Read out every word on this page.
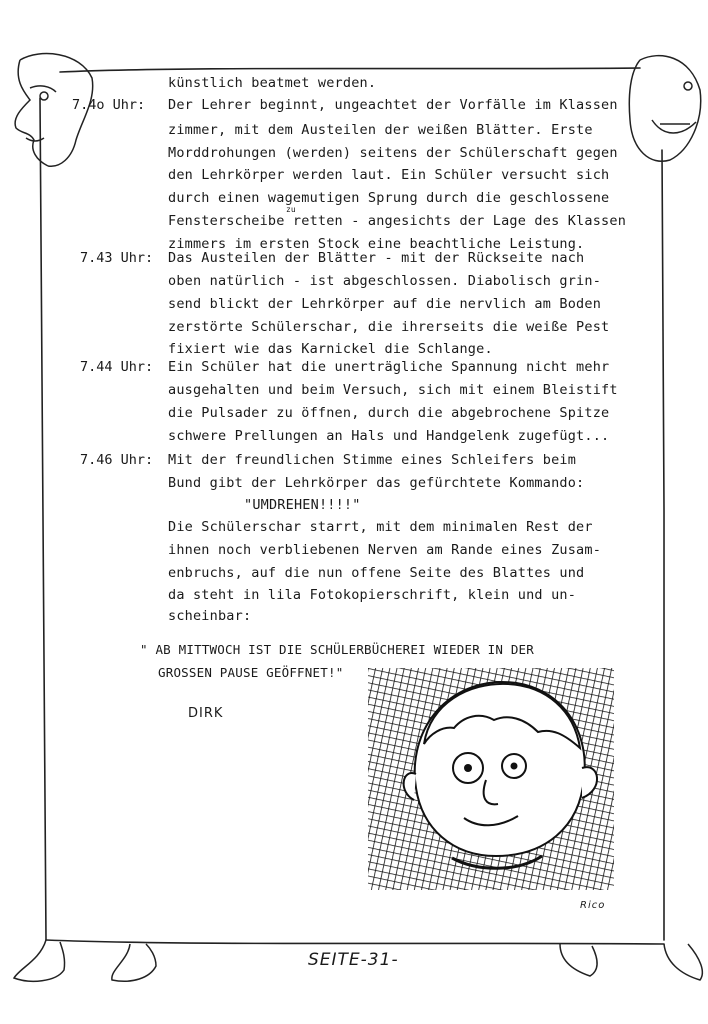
7.4o Uhr:
7.43 Uhr:
7.44 Uhr:
7.46 Uhr:
künstlich beatmet werden.
Der Lehrer beginnt, ungeachtet der Vorfälle im Klassen
zimmer, mit dem Austeilen der weißen Blätter. Erste
Morddrohungen (werden) seitens der Schülerschaft gegen
den Lehrkörper werden laut. Ein Schüler versucht sich
durch einen wagemutigen Sprung durch die geschlossene
Fensterscheibe retten - angesichts der Lage des Klassen
zimmers im ersten Stock eine beachtliche Leistung.
Das Austeilen der Blätter - mit der Rückseite nach
oben natürlich - ist abgeschlossen. Diabolisch grin-
send blickt der Lehrkörper auf die nervlich am Boden
zerstörte Schülerschar, die ihrerseits die weiße Pest
fixiert wie das Karnickel die Schlange.
Ein Schüler hat die unerträgliche Spannung nicht mehr
ausgehalten und beim Versuch, sich mit einem Bleistift
die Pulsader zu öffnen, durch die abgebrochene Spitze
schwere Prellungen an Hals und Handgelenk zugefügt...
Mit der freundlichen Stimme eines Schleifers beim
Bund gibt der Lehrkörper das gefürchtete Kommando:
"UMDREHEN!!!!"
Die Schülerschar starrt, mit dem minimalen Rest der
ihnen noch verbliebenen Nerven am Rande eines Zusam-
enbruchs, auf die nun offene Seite des Blattes und
da steht in lila Fotokopierschrift, klein und un-
scheinbar:
zu
" AB MITTWOCH IST DIE SCHÜLERBÜCHEREI WIEDER IN DER
GROSSEN PAUSE GEÖFFNET!"
DIRK
Rico
SEITE-31-
